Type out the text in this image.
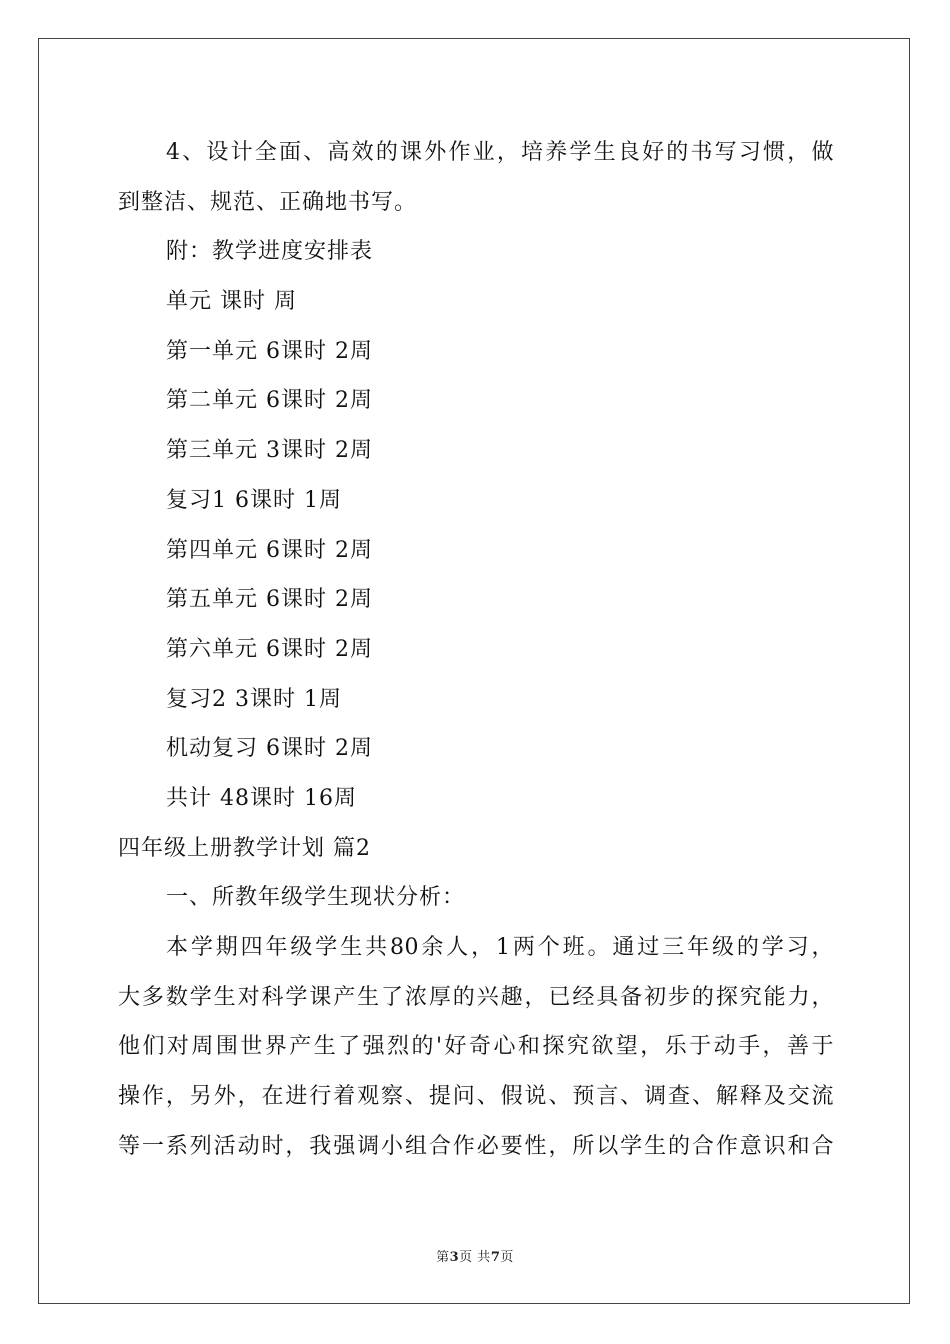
4、设计全面、高效的课外作业，培养学生良好的书写习惯，做
到整洁、规范、正确地书写。
附：教学进度安排表
单元 课时 周
第一单元 6课时 2周
第二单元 6课时 2周
第三单元 3课时 2周
复习1 6课时 1周
第四单元 6课时 2周
第五单元 6课时 2周
第六单元 6课时 2周
复习2 3课时 1周
机动复习 6课时 2周
共计 48课时 16周
四年级上册教学计划 篇2
一、所教年级学生现状分析：
本学期四年级学生共80余人，1两个班。通过三年级的学习，
大多数学生对科学课产生了浓厚的兴趣，已经具备初步的探究能力，
他们对周围世界产生了强烈的'好奇心和探究欲望，乐于动手，善于
操作，另外，在进行着观察、提问、假说、预言、调查、解释及交流
等一系列活动时，我强调小组合作必要性，所以学生的合作意识和合
第3页 共7页
